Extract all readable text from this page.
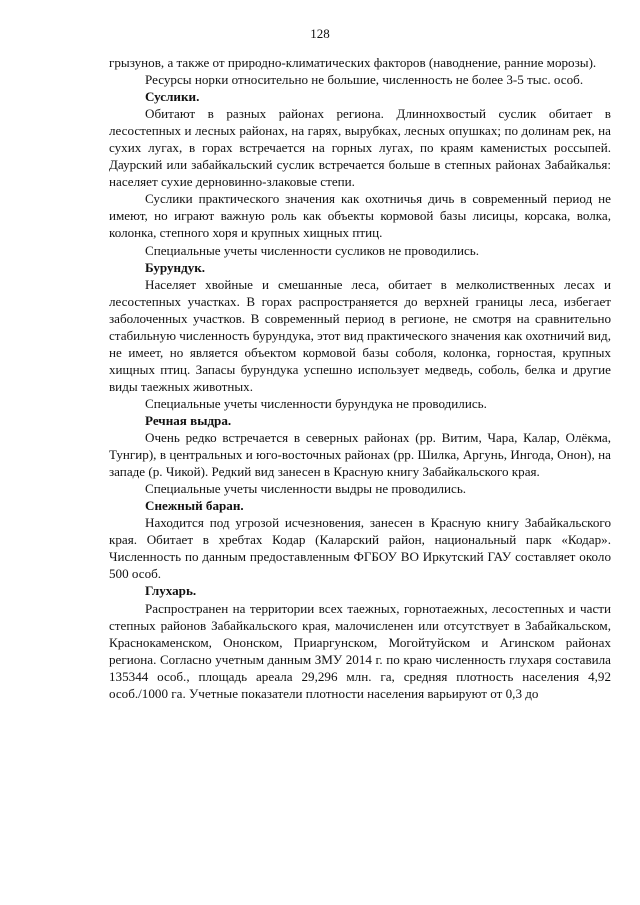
128

грызунов, а также от природно-климатических факторов (наводнение, ранние морозы).

Ресурсы норки относительно не большие, численность не более 3-5 тыс. особ.

Суслики.

Обитают в разных районах региона. Длиннохвостый суслик обитает в лесостепных и лесных районах, на гарях, вырубках, лесных опушках; по долинам рек, на сухих лугах, в горах встречается на горных лугах, по краям каменистых россыпей. Даурский или забайкальский суслик встречается больше в степных районах Забайкалья: населяет сухие дерновинно-злаковые степи.

Суслики практического значения как охотничья дичь в современный период не имеют, но играют важную роль как объекты кормовой базы лисицы, корсака, волка, колонка, степного хоря и крупных хищных птиц.

Специальные учеты численности сусликов не проводились.

Бурундук.

Населяет хвойные и смешанные леса, обитает в мелколиственных лесах и лесостепных участках. В горах распространяется до верхней границы леса, избегает заболоченных участков. В современный период в регионе, не смотря на сравнительно стабильную численность бурундука, этот вид практического значения как охотничий вид, не имеет, но является объектом кормовой базы соболя, колонка, горностая, крупных хищных птиц. Запасы бурундука успешно использует медведь, соболь, белка и другие виды таежных животных.

Специальные учеты численности бурундука не проводились.

Речная выдра.

Очень редко встречается в северных районах (рр. Витим, Чара, Калар, Олёкма, Тунгир), в центральных и юго-восточных районах (рр. Шилка, Аргунь, Ингода, Онон), на западе (р. Чикой). Редкий вид занесен в Красную книгу Забайкальского края.

Специальные учеты численности выдры не проводились.

Снежный баран.

Находится под угрозой исчезновения, занесен в Красную книгу Забайкальского края. Обитает в хребтах Кодар (Каларский район, национальный парк «Кодар». Численность по данным предоставленным ФГБОУ ВО Иркутский ГАУ составляет около 500 особ.

Глухарь.

Распространен на территории всех таежных, горнотаежных, лесостепных и части степных районов Забайкальского края, малочисленен или отсутствует в Забайкальском, Краснокаменском, Ононском, Приаргунском, Могойтуйском и Агинском районах региона. Согласно учетным данным ЗМУ 2014 г. по краю численность глухаря составила 135344 особ., площадь ареала 29,296 млн. га, средняя плотность населения 4,92 особ./1000 га. Учетные показатели плотности населения варьируют от 0,3 до
